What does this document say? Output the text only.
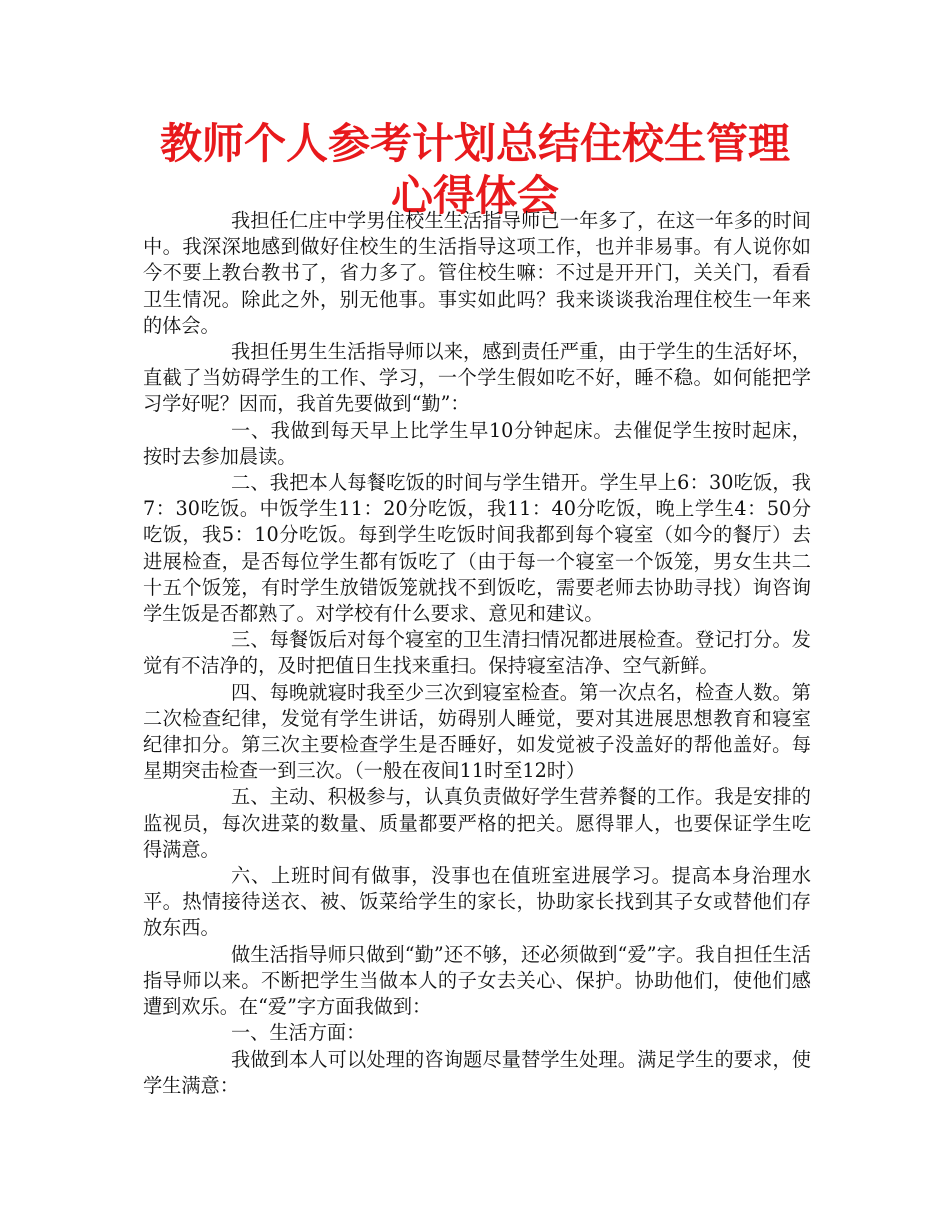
教师个人参考计划总结住校生管理心得体会

我担任仁庄中学男住校生生活指导师已一年多了，在这一年多的时间中。我深深地感到做好住校生的生活指导这项工作，也并非易事。有人说你如今不要上教台教书了，省力多了。管住校生嘛：不过是开开门，关关门，看看卫生情况。除此之外，别无他事。事实如此吗？我来谈谈我治理住校生一年来的体会。

我担任男生生活指导师以来，感到责任严重，由于学生的生活好坏，直截了当妨碍学生的工作、学习，一个学生假如吃不好，睡不稳。如何能把学习学好呢？因而，我首先要做到“勤”：

一、我做到每天早上比学生早10分钟起床。去催促学生按时起床，按时去参加晨读。

二、我把本人每餐吃饭的时间与学生错开。学生早上6：30吃饭，我7：30吃饭。中饭学生11：20分吃饭，我11：40分吃饭，晚上学生4：50分吃饭，我5：10分吃饭。每到学生吃饭时间我都到每个寝室（如今的餐厅）去进展检查，是否每位学生都有饭吃了（由于每一个寝室一个饭笼，男女生共二十五个饭笼，有时学生放错饭笼就找不到饭吃，需要老师去协助寻找）询咨询学生饭是否都熟了。对学校有什么要求、意见和建议。

三、每餐饭后对每个寝室的卫生清扫情况都进展检查。登记打分。发觉有不洁净的，及时把值日生找来重扫。保持寝室洁净、空气新鲜。

四、每晚就寝时我至少三次到寝室检查。第一次点名，检查人数。第二次检查纪律，发觉有学生讲话，妨碍别人睡觉，要对其进展思想教育和寝室纪律扣分。第三次主要检查学生是否睡好，如发觉被子没盖好的帮他盖好。每星期突击检查一到三次。（一般在夜间11时至12时）

五、主动、积极参与，认真负责做好学生营养餐的工作。我是安排的监视员，每次进菜的数量、质量都要严格的把关。愿得罪人，也要保证学生吃得满意。

六、上班时间有做事，没事也在值班室进展学习。提高本身治理水平。热情接待送衣、被、饭菜给学生的家长，协助家长找到其子女或替他们存放东西。

做生活指导师只做到“勤”还不够，还必须做到“爱”字。我自担任生活指导师以来。不断把学生当做本人的子女去关心、保护。协助他们，使他们感遭到欢乐。在“爱”字方面我做到：

一、生活方面：

我做到本人可以处理的咨询题尽量替学生处理。满足学生的要求，使学生满意：
